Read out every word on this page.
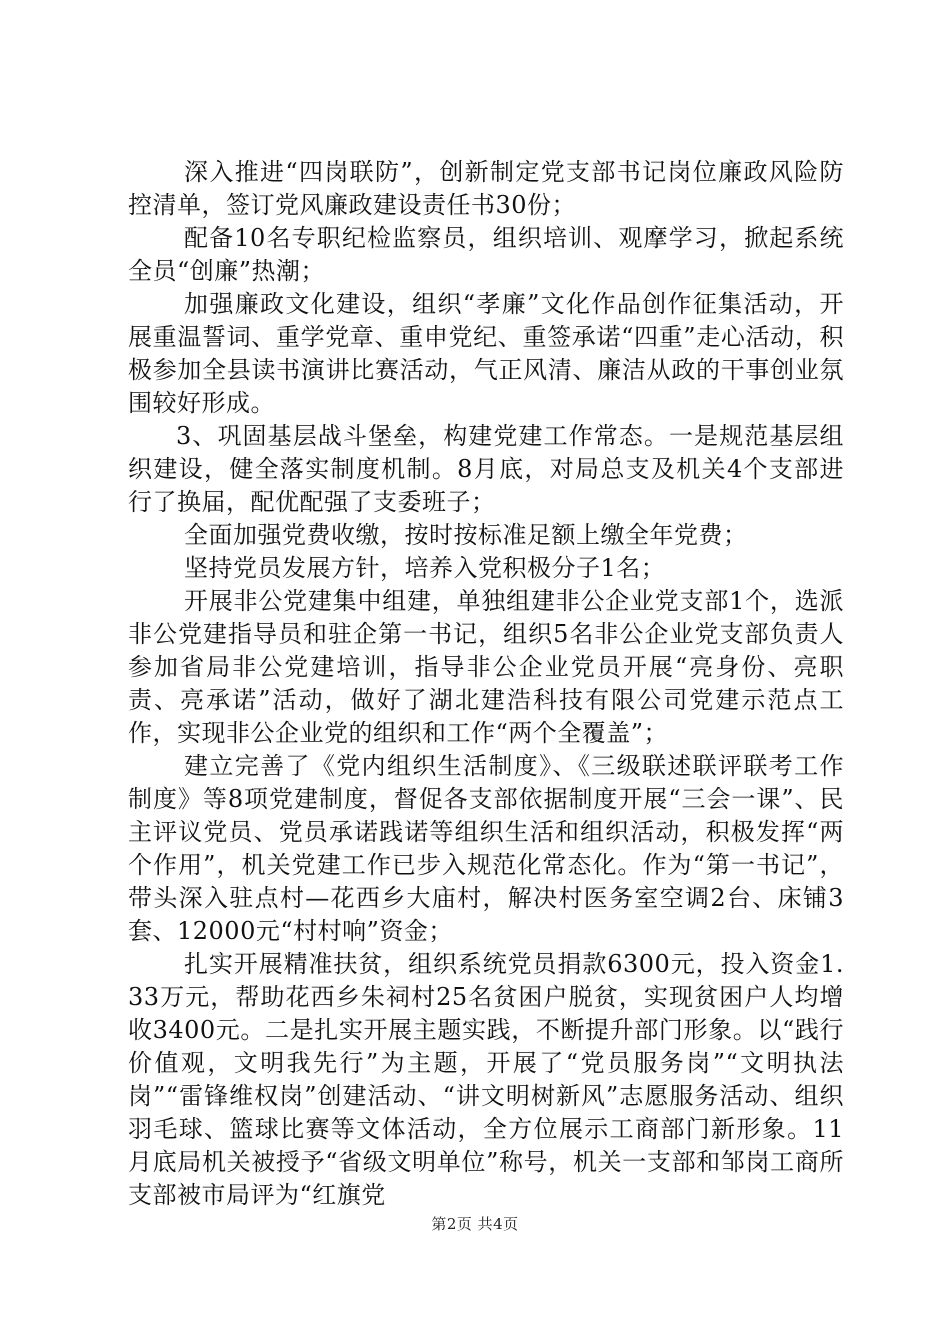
深入推进“四岗联防”，创新制定党支部书记岗位廉政风险防控清单，签订党风廉政建设责任书30份；

配备10名专职纪检监察员，组织培训、观摩学习，掀起系统全员“创廉”热潮；

加强廉政文化建设，组织“孝廉”文化作品创作征集活动，开展重温誓词、重学党章、重申党纪、重签承诺“四重”走心活动，积极参加全县读书演讲比赛活动，气正风清、廉洁从政的干事创业氛围较好形成。

3、巩固基层战斗堡垒，构建党建工作常态。一是规范基层组织建设，健全落实制度机制。8月底，对局总支及机关4个支部进行了换届，配优配强了支委班子；

全面加强党费收缴，按时按标准足额上缴全年党费；

坚持党员发展方针，培养入党积极分子1名；

开展非公党建集中组建，单独组建非公企业党支部1个，选派非公党建指导员和驻企第一书记，组织5名非公企业党支部负责人参加省局非公党建培训，指导非公企业党员开展“亮身份、亮职责、亮承诺”活动，做好了湖北建浩科技有限公司党建示范点工作，实现非公企业党的组织和工作“两个全覆盖”；

建立完善了《党内组织生活制度》、《三级联述联评联考工作制度》等8项党建制度，督促各支部依据制度开展“三会一课”、民主评议党员、党员承诺践诺等组织生活和组织活动，积极发挥“两个作用”，机关党建工作已步入规范化常态化。作为“第一书记”，带头深入驻点村—花西乡大庙村，解决村医务室空调2台、床铺3套、12000元“村村响”资金；

扎实开展精准扶贫，组织系统党员捐款6300元，投入资金1.33万元，帮助花西乡朱祠村25名贫困户脱贫，实现贫困户人均增收3400元。二是扎实开展主题实践，不断提升部门形象。以“践行价值观，文明我先行”为主题，开展了“党员服务岗”“文明执法岗”“雷锋维权岗”创建活动、“讲文明树新风”志愿服务活动、组织羽毛球、篮球比赛等文体活动，全方位展示工商部门新形象。11月底局机关被授予“省级文明单位”称号，机关一支部和邹岗工商所支部被市局评为“红旗党

第2页 共4页
